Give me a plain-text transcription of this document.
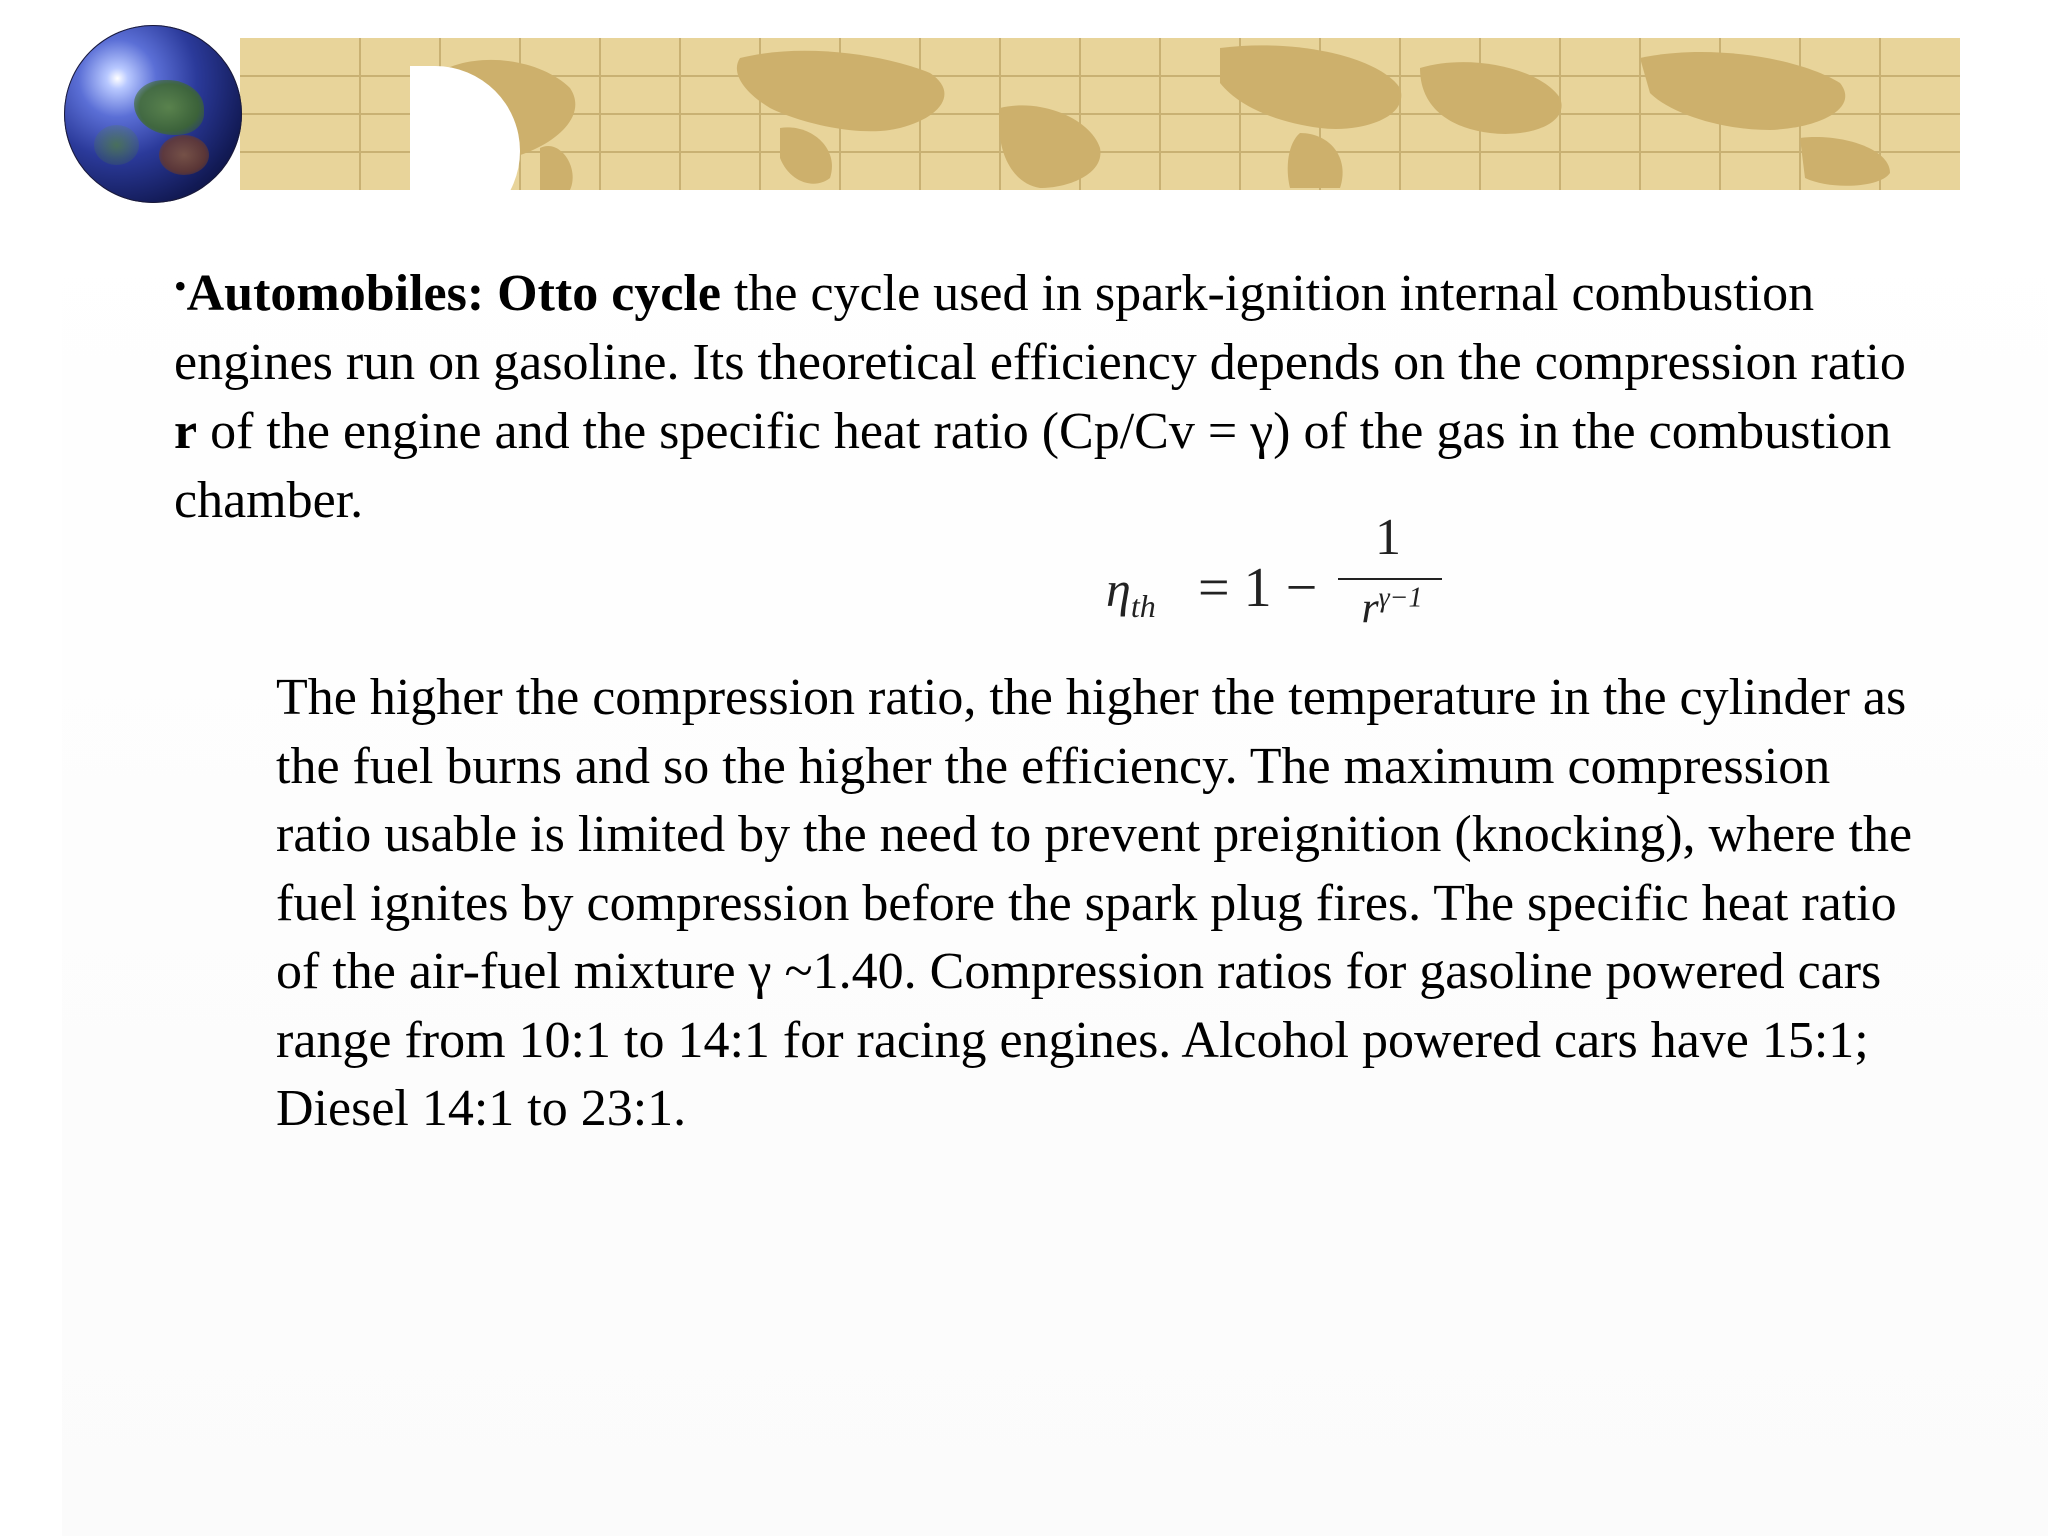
•Automobiles: Otto cycle the cycle used in spark-ignition internal combustion engines run on gasoline. Its theoretical efficiency depends on the compression ratio r of the engine and the specific heat ratio (Cp/Cv = γ) of the gas in the combustion chamber.

$\eta_{th} = 1$ −
1
$r^{\gamma-1}$

The higher the compression ratio, the higher the temperature in the cylinder as the fuel burns and so the higher the efficiency. The maximum compression ratio usable is limited by the need to prevent preignition (knocking), where the fuel ignites by compression before the spark plug fires. The specific heat ratio of the air-fuel mixture γ ~1.40. Compression ratios for gasoline powered cars range from 10:1 to 14:1 for racing engines. Alcohol powered cars have 15:1; Diesel 14:1 to 23:1.
